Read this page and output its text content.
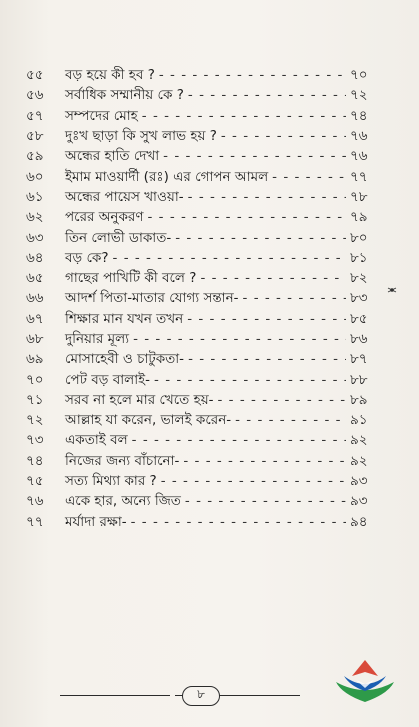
৫৫	বড় হয়ে কী হব ? - - -	৭০
৫৬	সর্বাধিক সম্মানীয় কে ? - - -	৭২
৫৭	সম্পদের মোহ - - -	৭৪
৫৮	দুঃখ ছাড়া কি সুখ লাভ হয় ? - - -	৭৬
৫৯	অন্ধের হাতি দেখা - - -	৭৬
৬০	ইমাম মাওয়ার্দী (রঃ) এর গোপন আমল - - -	৭৭
৬১	অন্ধের পায়েস খাওয়া- - - -	৭৮
৬২	পরের অনুকরণ - - -	৭৯
৬৩	তিন লোভী ডাকাত- - - -	৮০
৬৪	বড় কে? - - -	৮১
৬৫	গাছের পাখিটি কী বলে ? - - -	৮২
৬৬	আদর্শ পিতা-মাতার যোগ্য সন্তান- - - -	৮৩
৬৭	শিক্ষার মান যখন তখন - - -	৮৫
৬৮	দুনিয়ার মূল্য - - -	৮৬
৬৯	মোসাহেবী ও চাটুকতা- - - -	৮৭
৭০	পেট বড় বালাই- - - -	৮৮
৭১	সরব না হলে মার খেতে হয়- - - -	৮৯
৭২	আল্লাহ যা করেন, ভালই করেন- - - -	৯১
৭৩	একতাই বল - - -	৯২
৭৪	নিজের জন্য বাঁচানো- - - -	৯২
৭৫	সত্য মিথ্যা কার ? - - -	৯৩
৭৬	একে হার, অন্যে জিত - - -	৯৩
৭৭	মর্যাদা রক্ষা- - - -	৯৪
৮
